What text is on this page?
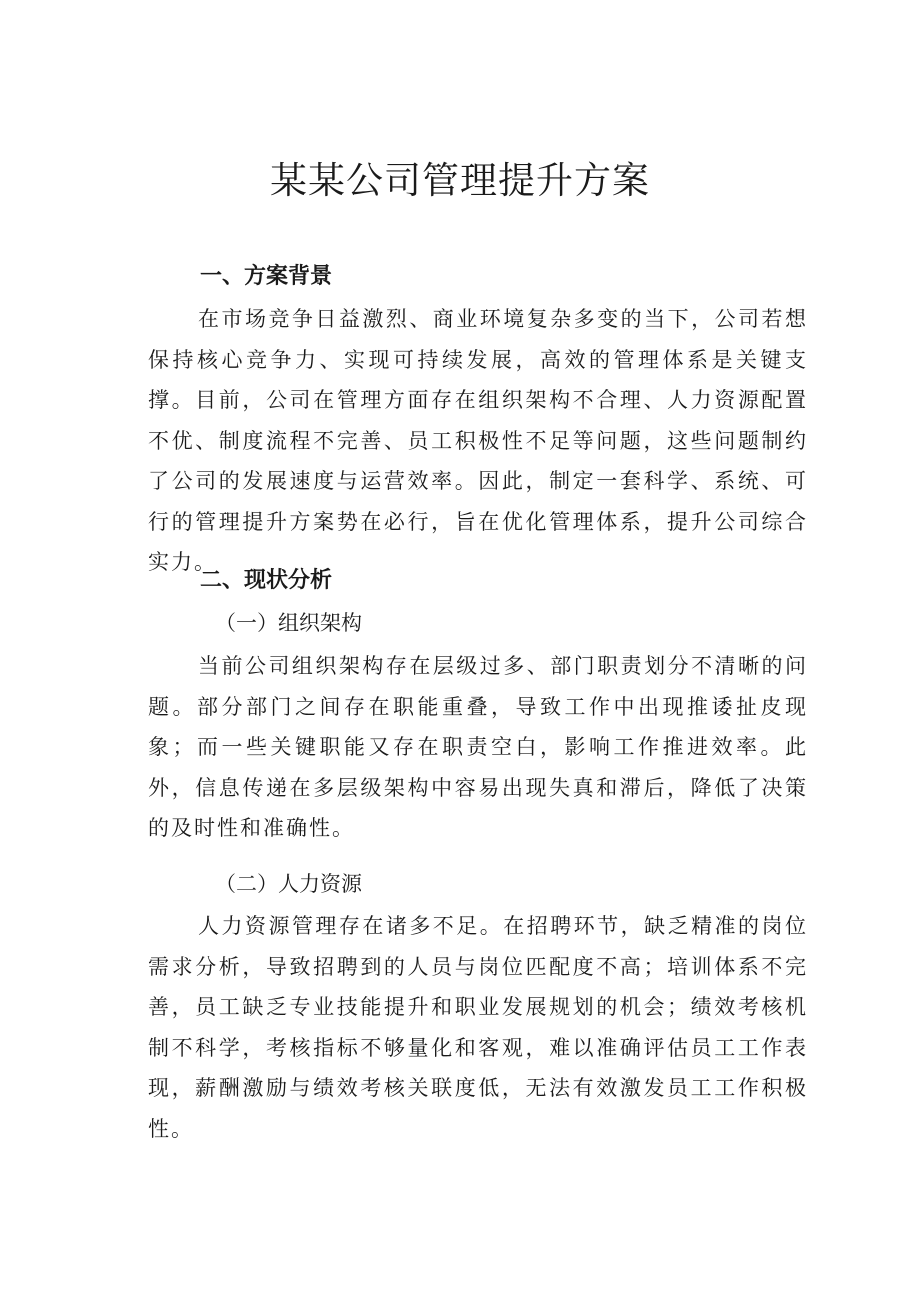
某某公司管理提升方案
一、方案背景

在市场竞争日益激烈、商业环境复杂多变的当下，公司若想保持核心竞争力、实现可持续发展，高效的管理体系是关键支撑。目前，公司在管理方面存在组织架构不合理、人力资源配置不优、制度流程不完善、员工积极性不足等问题，这些问题制约了公司的发展速度与运营效率。因此，制定一套科学、系统、可行的管理提升方案势在必行，旨在优化管理体系，提升公司综合实力。

二、现状分析
（一）组织架构

当前公司组织架构存在层级过多、部门职责划分不清晰的问题。部分部门之间存在职能重叠，导致工作中出现推诿扯皮现象；而一些关键职能又存在职责空白，影响工作推进效率。此外，信息传递在多层级架构中容易出现失真和滞后，降低了决策的及时性和准确性。

（二）人力资源

人力资源管理存在诸多不足。在招聘环节，缺乏精准的岗位需求分析，导致招聘到的人员与岗位匹配度不高；培训体系不完善，员工缺乏专业技能提升和职业发展规划的机会；绩效考核机制不科学，考核指标不够量化和客观，难以准确评估员工工作表现，薪酬激励与绩效考核关联度低，无法有效激发员工工作积极性。
